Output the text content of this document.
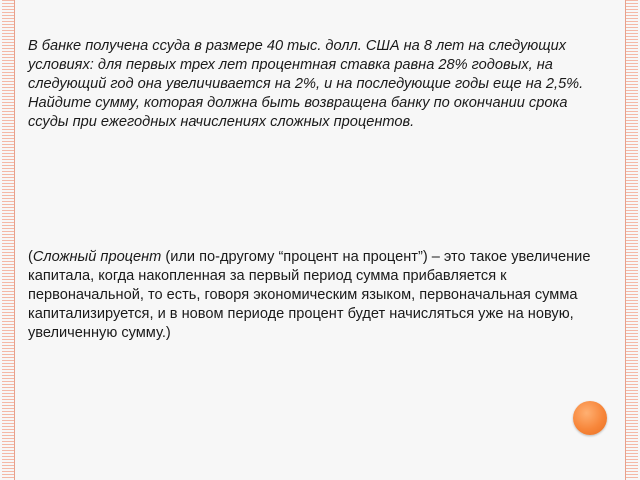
В банке получена ссуда в размере 40 тыс. долл. США на 8 лет на следующих условиях: для первых трех лет процентная ставка равна 28% годовых, на следующий год она увеличивается на 2%, и на последующие годы еще на 2,5%. Найдите сумму, которая должна быть возвращена банку по окончании срока ссуды при ежегодных начислениях сложных процентов.

(Сложный процент (или по-другому “процент на процент”) – это такое увеличение капитала, когда накопленная за первый период сумма прибавляется к первоначальной, то есть, говоря экономическим языком, первоначальная сумма капитализируется, и в новом периоде процент будет начисляться уже на новую, увеличенную сумму.)
